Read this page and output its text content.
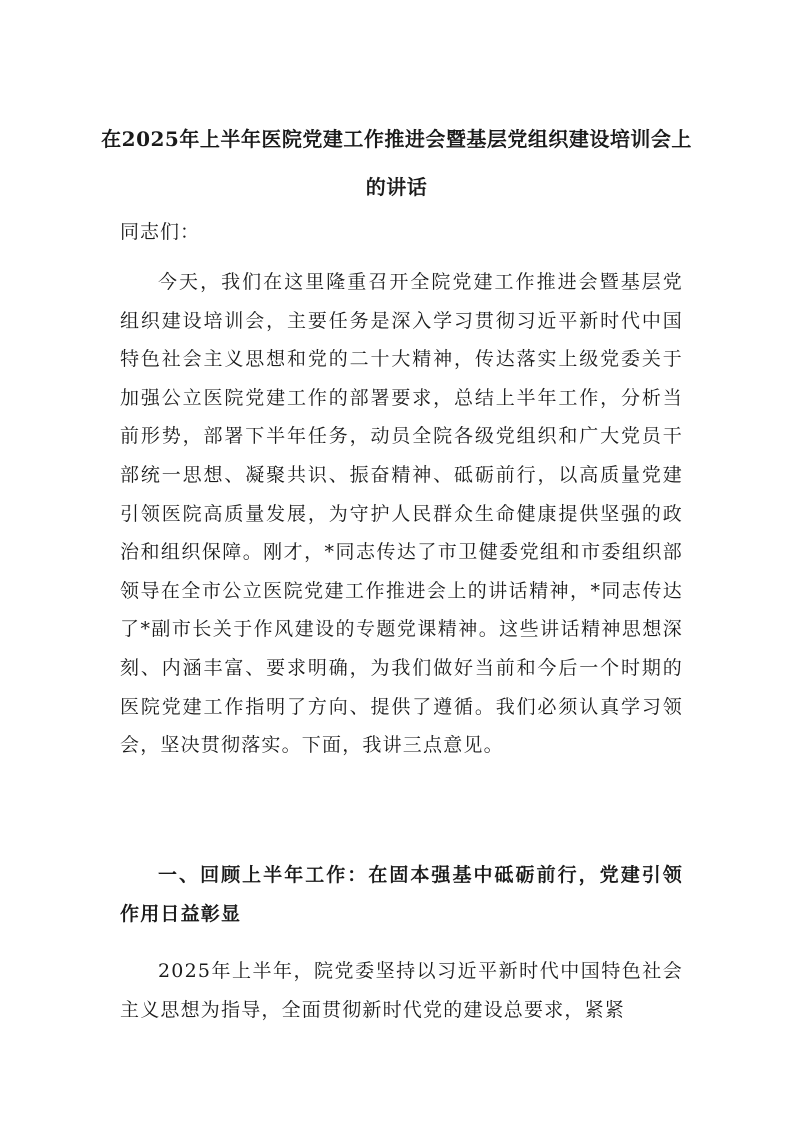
在2025年上半年医院党建工作推进会暨基层党组织建设培训会上的讲话
同志们：

今天，我们在这里隆重召开全院党建工作推进会暨基层党组织建设培训会，主要任务是深入学习贯彻习近平新时代中国特色社会主义思想和党的二十大精神，传达落实上级党委关于加强公立医院党建工作的部署要求，总结上半年工作，分析当前形势，部署下半年任务，动员全院各级党组织和广大党员干部统一思想、凝聚共识、振奋精神、砥砺前行，以高质量党建引领医院高质量发展，为守护人民群众生命健康提供坚强的政治和组织保障。刚才，*同志传达了市卫健委党组和市委组织部领导在全市公立医院党建工作推进会上的讲话精神，*同志传达了*副市长关于作风建设的专题党课精神。这些讲话精神思想深刻、内涵丰富、要求明确，为我们做好当前和今后一个时期的医院党建工作指明了方向、提供了遵循。我们必须认真学习领会，坚决贯彻落实。下面，我讲三点意见。

一、回顾上半年工作：在固本强基中砥砺前行，党建引领作用日益彰显

2025年上半年，院党委坚持以习近平新时代中国特色社会主义思想为指导，全面贯彻新时代党的建设总要求，紧紧
